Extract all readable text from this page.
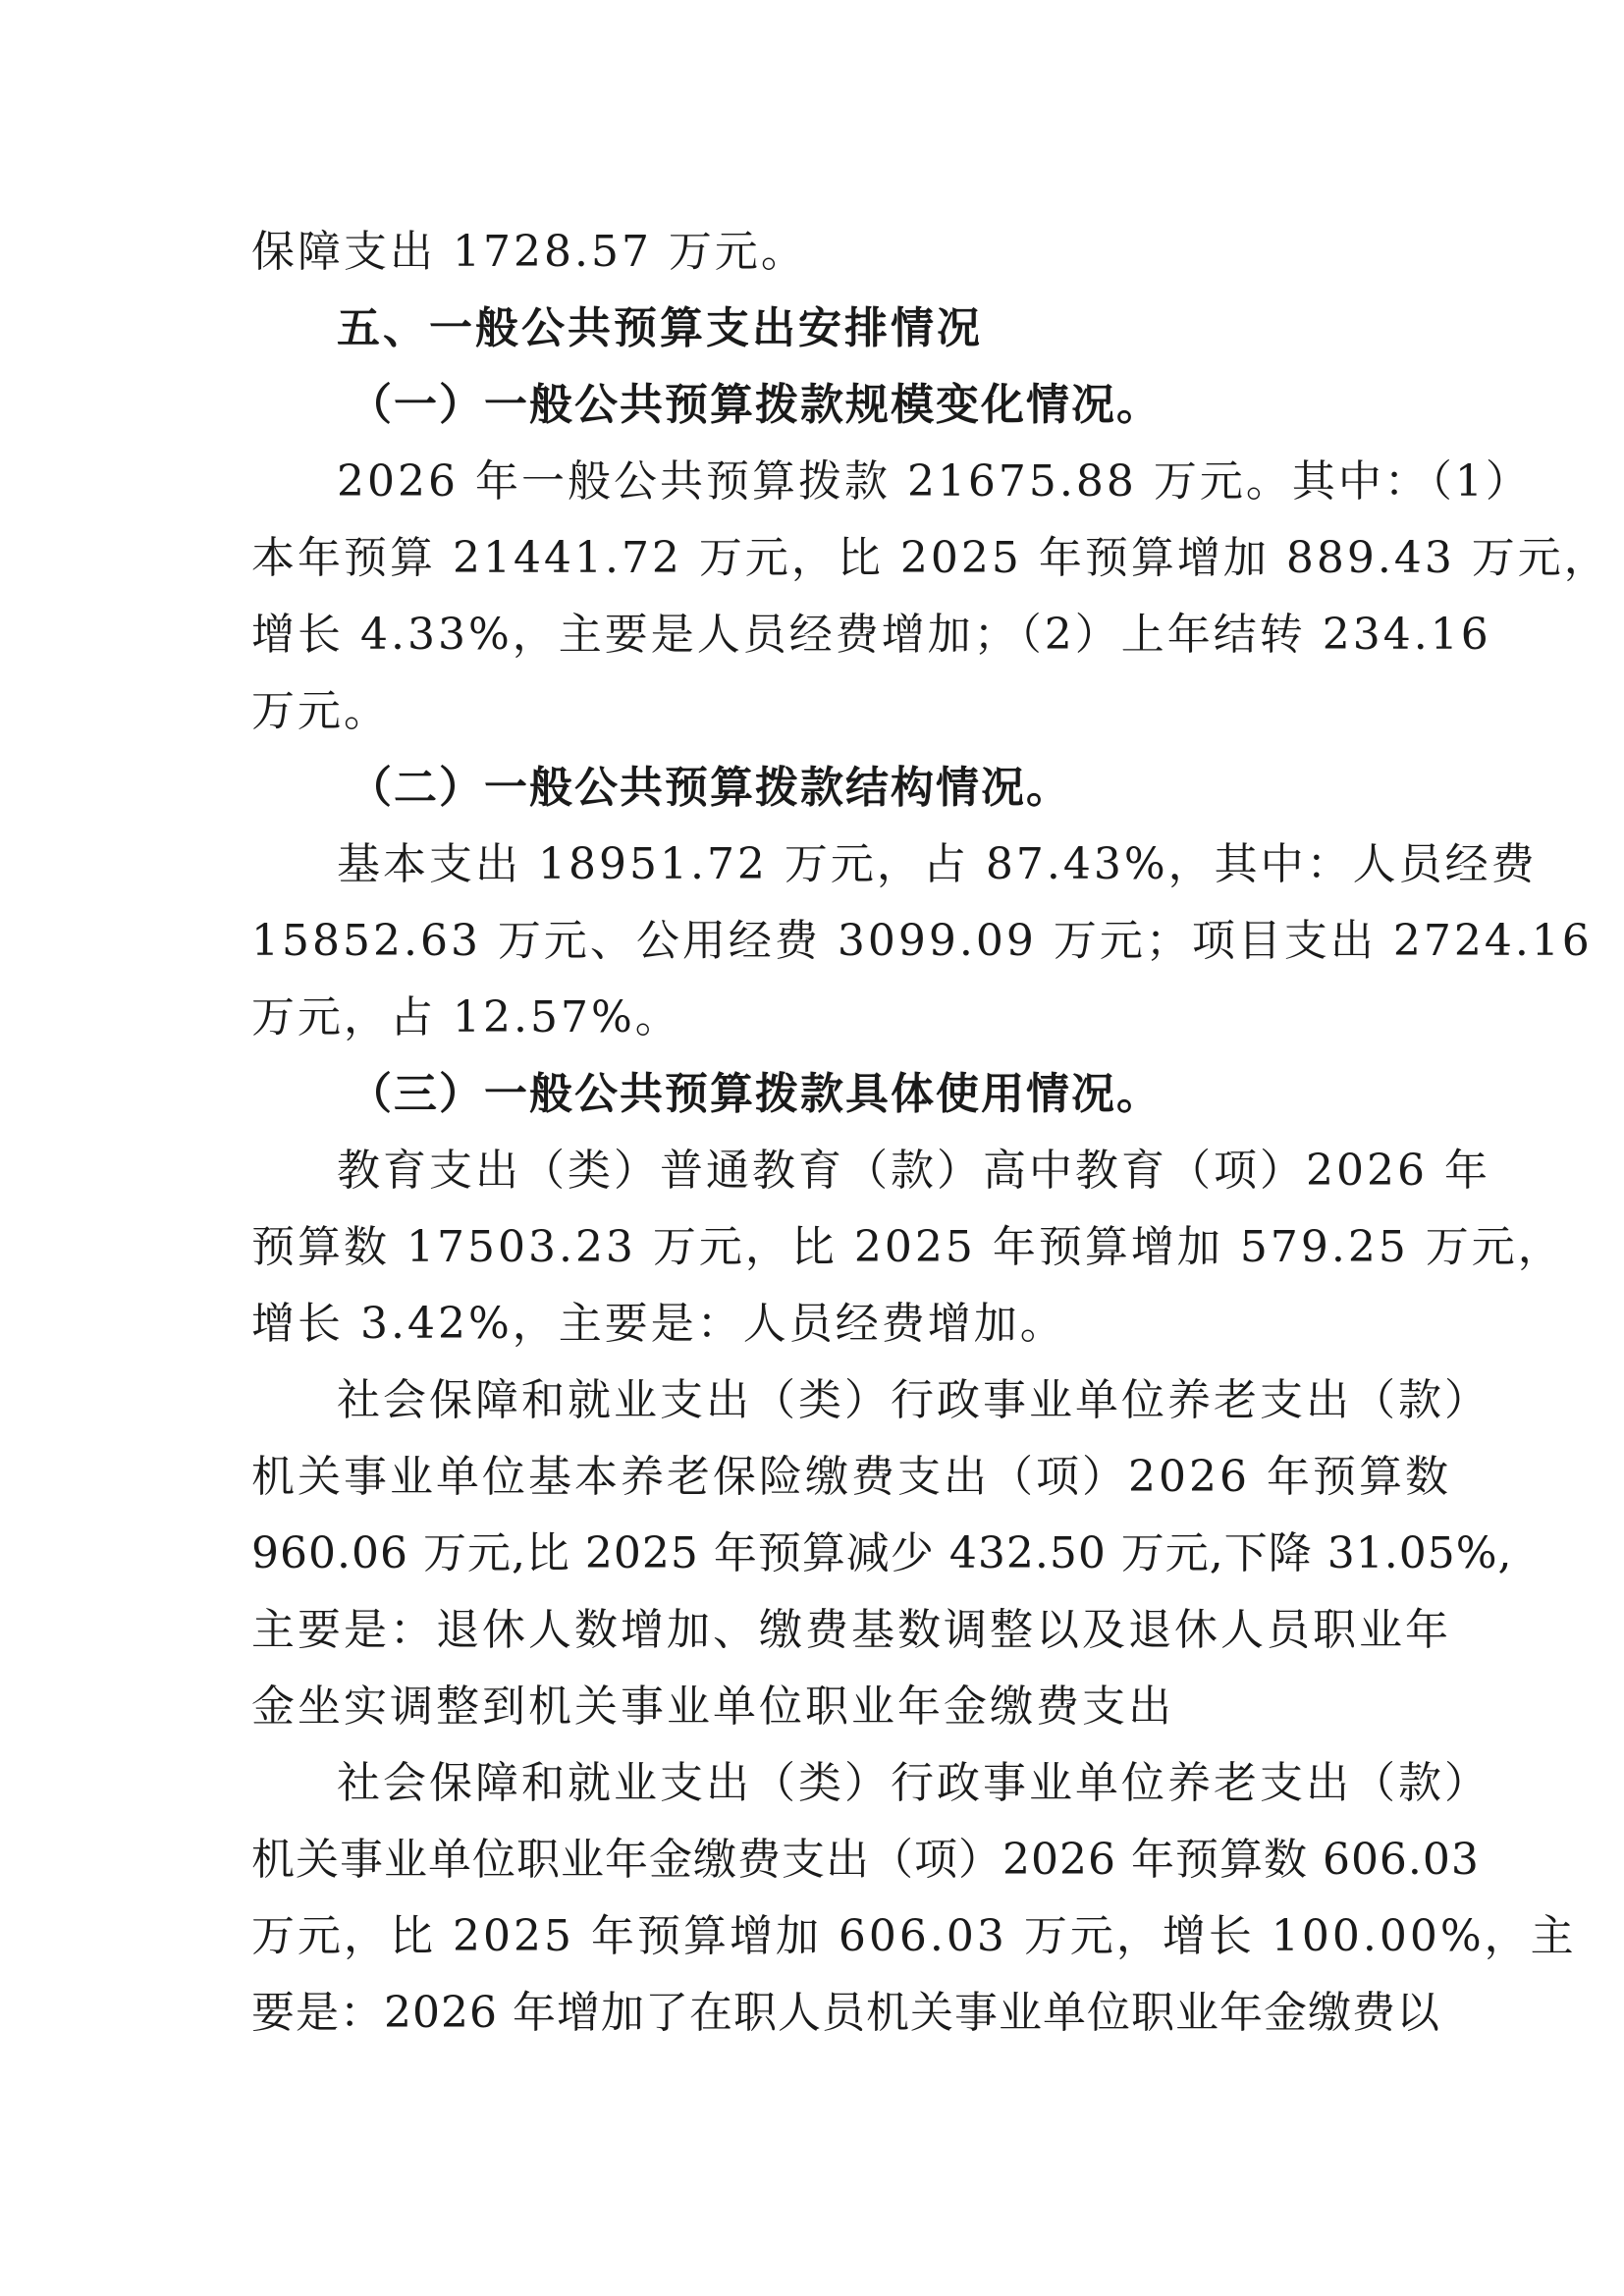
保障支出 1728.57 万元。
五、一般公共预算支出安排情况
（一）一般公共预算拨款规模变化情况。
2026 年一般公共预算拨款 21675.88 万元。其中：（1）
本年预算 21441.72 万元，比 2025 年预算增加 889.43 万元，
增长 4.33%，主要是人员经费增加；（2）上年结转 234.16
万元。
（二）一般公共预算拨款结构情况。
基本支出 18951.72 万元，占 87.43%，其中：人员经费
15852.63 万元、公用经费 3099.09 万元；项目支出 2724.16
万元，占 12.57%。
（三）一般公共预算拨款具体使用情况。
教育支出（类）普通教育（款）高中教育（项）2026 年
预算数 17503.23 万元，比 2025 年预算增加 579.25 万元，
增长 3.42%，主要是：人员经费增加。
社会保障和就业支出（类）行政事业单位养老支出（款）
机关事业单位基本养老保险缴费支出（项）2026 年预算数
960.06 万元,比 2025 年预算减少 432.50 万元,下降 31.05%,
主要是：退休人数增加、缴费基数调整以及退休人员职业年
金坐实调整到机关事业单位职业年金缴费支出
社会保障和就业支出（类）行政事业单位养老支出（款）
机关事业单位职业年金缴费支出（项）2026 年预算数 606.03
万元，比 2025 年预算增加 606.03 万元，增长 100.00%，主
要是：2026 年增加了在职人员机关事业单位职业年金缴费以
